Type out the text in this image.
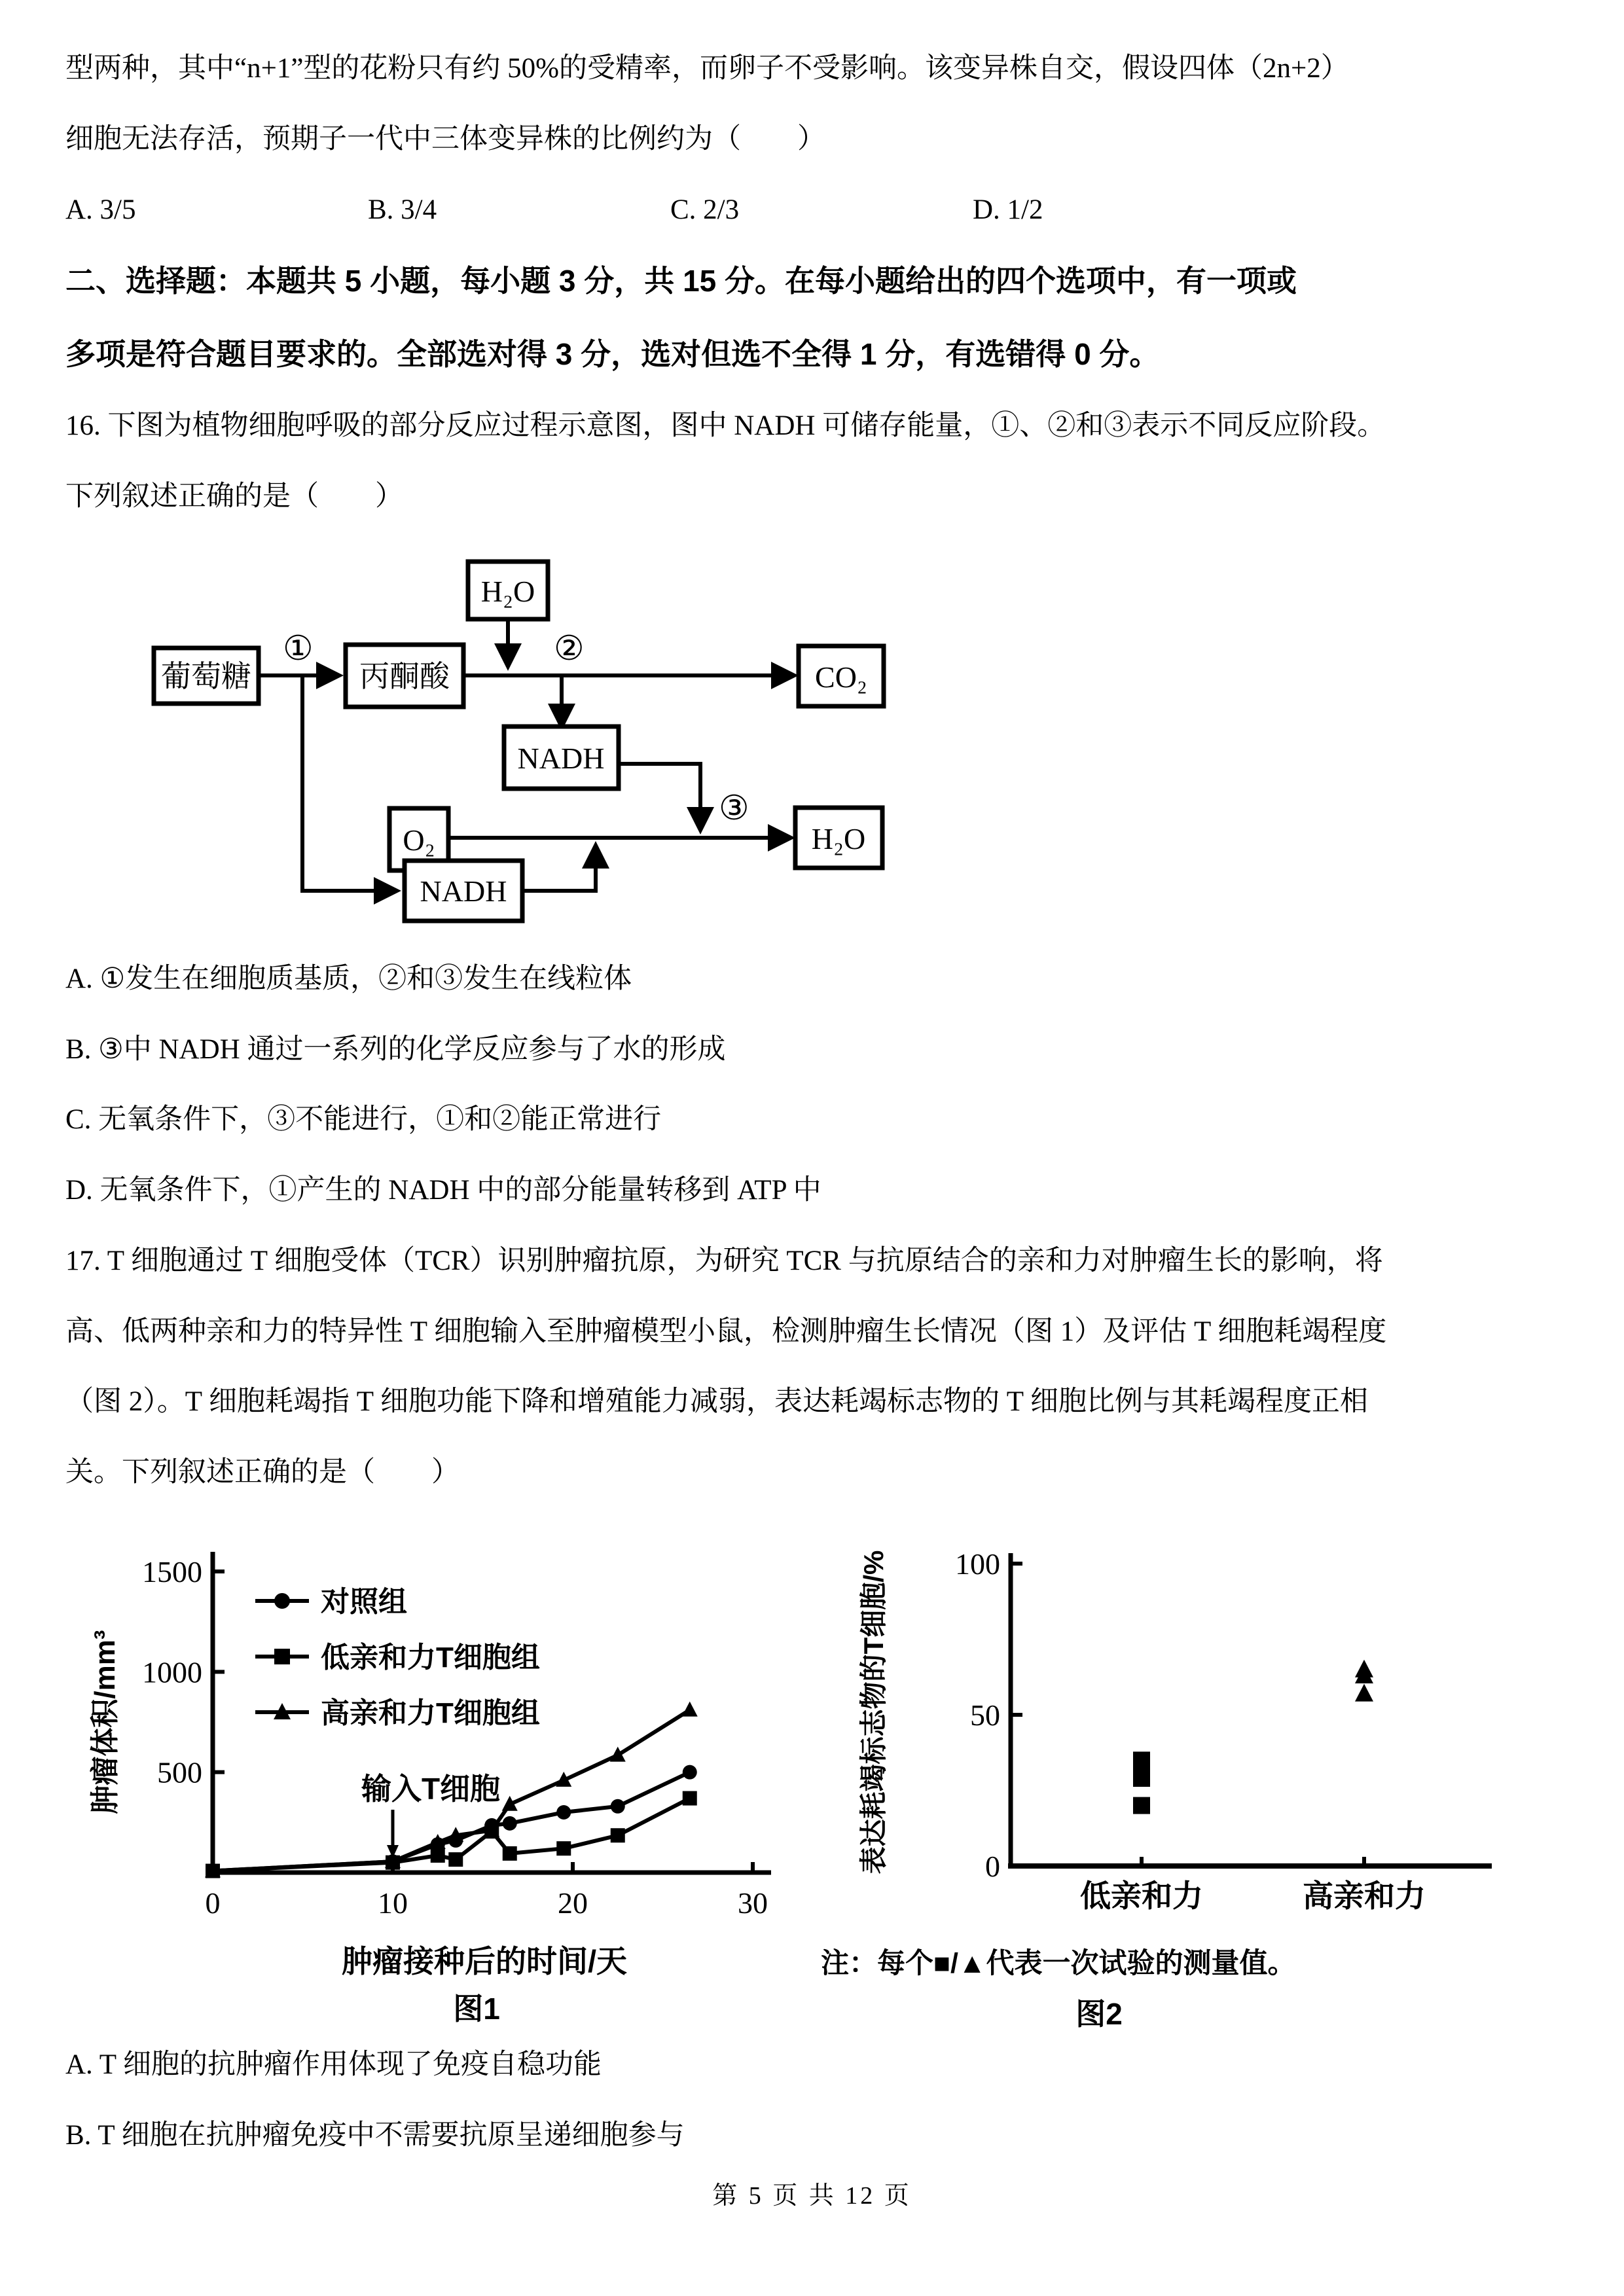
型两种，其中“n+1”型的花粉只有约 50%的受精率，而卵子不受影响。该变异株自交，假设四体（2n+2）
细胞无法存活，预期子一代中三体变异株的比例约为（　　）
A. 3/5	B. 3/4	C. 2/3	D. 1/2
二、选择题：本题共 5 小题，每小题 3 分，共 15 分。在每小题给出的四个选项中，有一项或
多项是符合题目要求的。全部选对得 3 分，选对但选不全得 1 分，有选错得 0 分。
16. 下图为植物细胞呼吸的部分反应过程示意图，图中 NADH 可储存能量，①、②和③表示不同反应阶段。
下列叙述正确的是（　　）
葡萄糖	丙酮酸
H₂O
CO₂
NADH
O₂	H₂O
NADH
①	②
③
A. ①发生在细胞质基质，②和③发生在线粒体
B. ③中 NADH 通过一系列的化学反应参与了水的形成
C. 无氧条件下，③不能进行，①和②能正常进行
D. 无氧条件下，①产生的 NADH 中的部分能量转移到 ATP 中
17. T 细胞通过 T 细胞受体（TCR）识别肿瘤抗原，为研究 TCR 与抗原结合的亲和力对肿瘤生长的影响，将
高、低两种亲和力的特异性 T 细胞输入至肿瘤模型小鼠，检测肿瘤生长情况（图 1）及评估 T 细胞耗竭程度
（图 2）。T 细胞耗竭指 T 细胞功能下降和增殖能力减弱，表达耗竭标志物的 T 细胞比例与其耗竭程度正相
关。下列叙述正确的是（　　）
500
1000
1500
0	10	20	30
肿瘤体积/mm³
肿瘤接种后的时间/天
图1
对照组
低亲和力T细胞组
高亲和力T细胞组
输入T细胞
0
50
100
表达耗竭标志物的T细胞/%
低亲和力	高亲和力
注：每个■/▲代表一次试验的测量值。
图2
A. T 细胞的抗肿瘤作用体现了免疫自稳功能
B. T 细胞在抗肿瘤免疫中不需要抗原呈递细胞参与
第 5 页 共 12 页
